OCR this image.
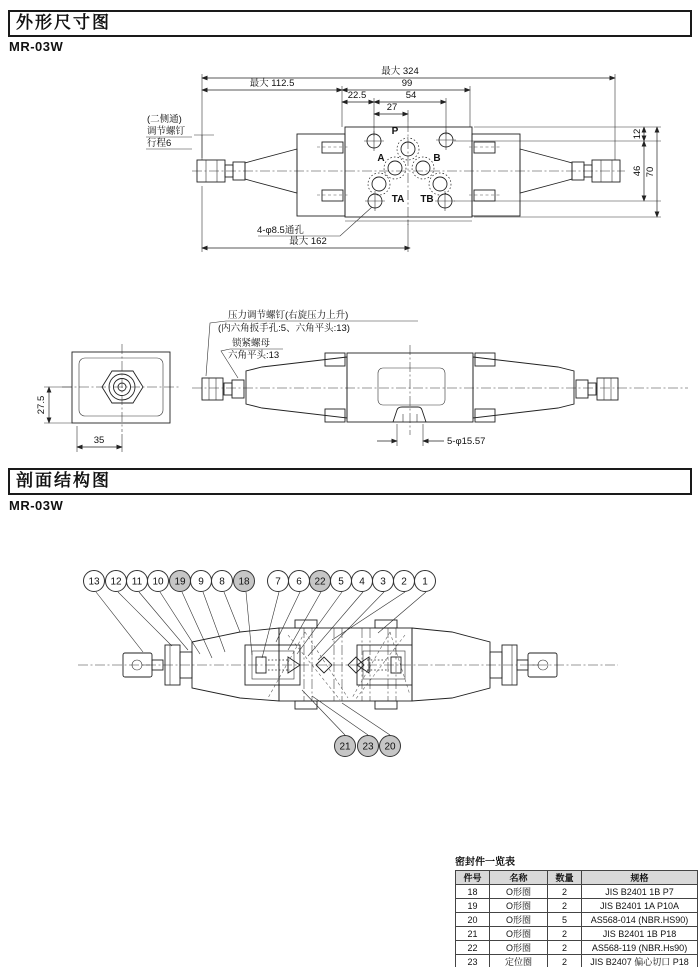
外形尺寸图
MR-03W
最大 324
最大 112.5	99
22.5	54
27
最大 162
12
46 70
P
A	B
TA TB
(二侧通)
调节螺钉
行程6
4-φ8.5通孔
27.5
35	5-φ15.57
压力调节螺钉(右旋压力上升)
(内六角扳手孔:5、六角平头:13)
锁紧螺母
六角平头:13
剖面结构图
MR-03W
13 12 11 10 19 9 8 18	7 6 22 5 4 3 2 1
21 23 20
密封件一览表
件号	名称	数量	规格
18	O形圈	2	JIS B2401 1B P7
19	O形圈	2	JIS B2401 1A P10A
20	O形圈	5	AS568-014 (NBR.HS90)
21	O形圈	2	JIS B2401 1B P18
22	O形圈	2	AS568-119 (NBR.Hs90)
23	定位圈	2	JIS B2407 偏心切口 P18
